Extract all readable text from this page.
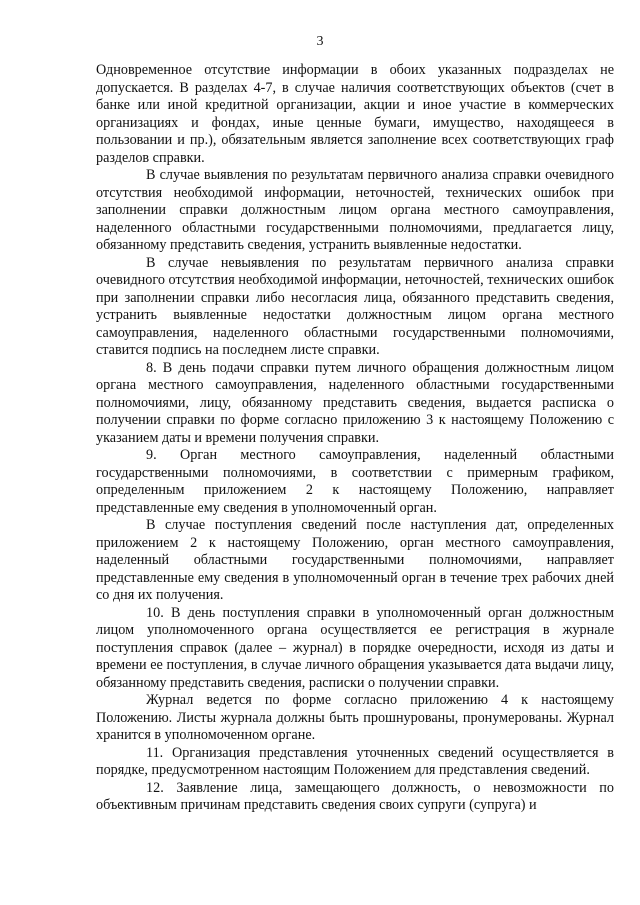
3

Одновременное отсутствие информации в обоих указанных подразделах не допускается. В разделах 4-7, в случае наличия соответствующих объектов (счет в банке или иной кредитной организации, акции и иное участие в коммерческих организациях и фондах, иные ценные бумаги, имущество, находящееся в пользовании и пр.), обязательным является заполнение всех соответствующих граф разделов справки.

В случае выявления по результатам первичного анализа справки очевидного отсутствия необходимой информации, неточностей, технических ошибок при заполнении справки должностным лицом органа местного самоуправления, наделенного областными государственными полномочиями, предлагается лицу, обязанному представить сведения, устранить выявленные недостатки.

В случае невыявления по результатам первичного анализа справки очевидного отсутствия необходимой информации, неточностей, технических ошибок при заполнении справки либо несогласия лица, обязанного представить сведения, устранить выявленные недостатки должностным лицом органа местного самоуправления, наделенного областными государственными полномочиями, ставится подпись на последнем листе справки.

8. В день подачи справки путем личного обращения должностным лицом органа местного самоуправления, наделенного областными государственными полномочиями, лицу, обязанному представить сведения, выдается расписка о получении справки по форме согласно приложению 3 к настоящему Положению с указанием даты и времени получения справки.

9. Орган местного самоуправления, наделенный областными государственными полномочиями, в соответствии с примерным графиком, определенным приложением 2 к настоящему Положению, направляет представленные ему сведения в уполномоченный орган.

В случае поступления сведений после наступления дат, определенных приложением 2 к настоящему Положению, орган местного самоуправления, наделенный областными государственными полномочиями, направляет представленные ему сведения в уполномоченный орган в течение трех рабочих дней со дня их получения.

10. В день поступления справки в уполномоченный орган должностным лицом уполномоченного органа осуществляется ее регистрация в журнале поступления справок (далее – журнал) в порядке очередности, исходя из даты и времени ее поступления, в случае личного обращения указывается дата выдачи лицу, обязанному представить сведения, расписки о получении справки.

Журнал ведется по форме согласно приложению 4 к настоящему Положению. Листы журнала должны быть прошнурованы, пронумерованы. Журнал хранится в уполномоченном органе.

11. Организация представления уточненных сведений осуществляется в порядке, предусмотренном настоящим Положением для представления сведений.

12. Заявление лица, замещающего должность, о невозможности по объективным причинам представить сведения своих супруги (супруга) и
